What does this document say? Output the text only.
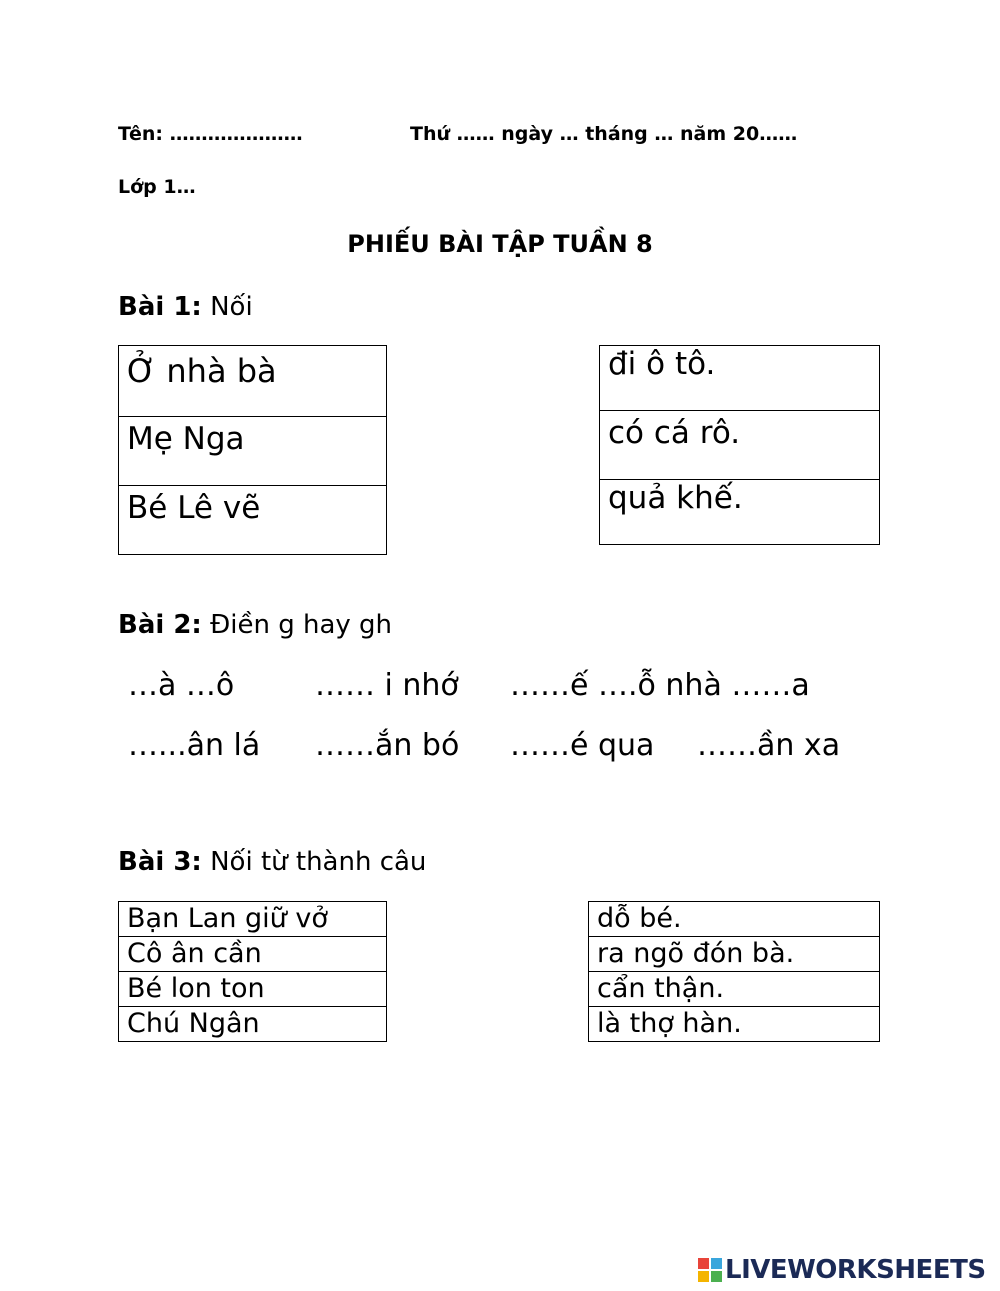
Tên: …………………	Thứ …… ngày … tháng … năm 20……
Lớp 1…
PHIẾU BÀI TẬP TUẦN 8
Bài 1: Nối
Ở nhà bà
Mẹ Nga
Bé Lê vẽ
đi ô tô.
có cá rô.
quả khế.
Bài 2: Điền g hay gh
…à …ô	…… i nhớ ……ế ….ỗ nhà ……a
…...ân lá ……ắn bó ……é qua ……ần xa
Bài 3: Nối từ thành câu
Bạn Lan giữ vở
Cô ân cần
Bé lon ton
Chú Ngân
dỗ bé.
ra ngõ đón bà.
cẩn thận.
là thợ hàn.
LIVEWORKSHEETS
